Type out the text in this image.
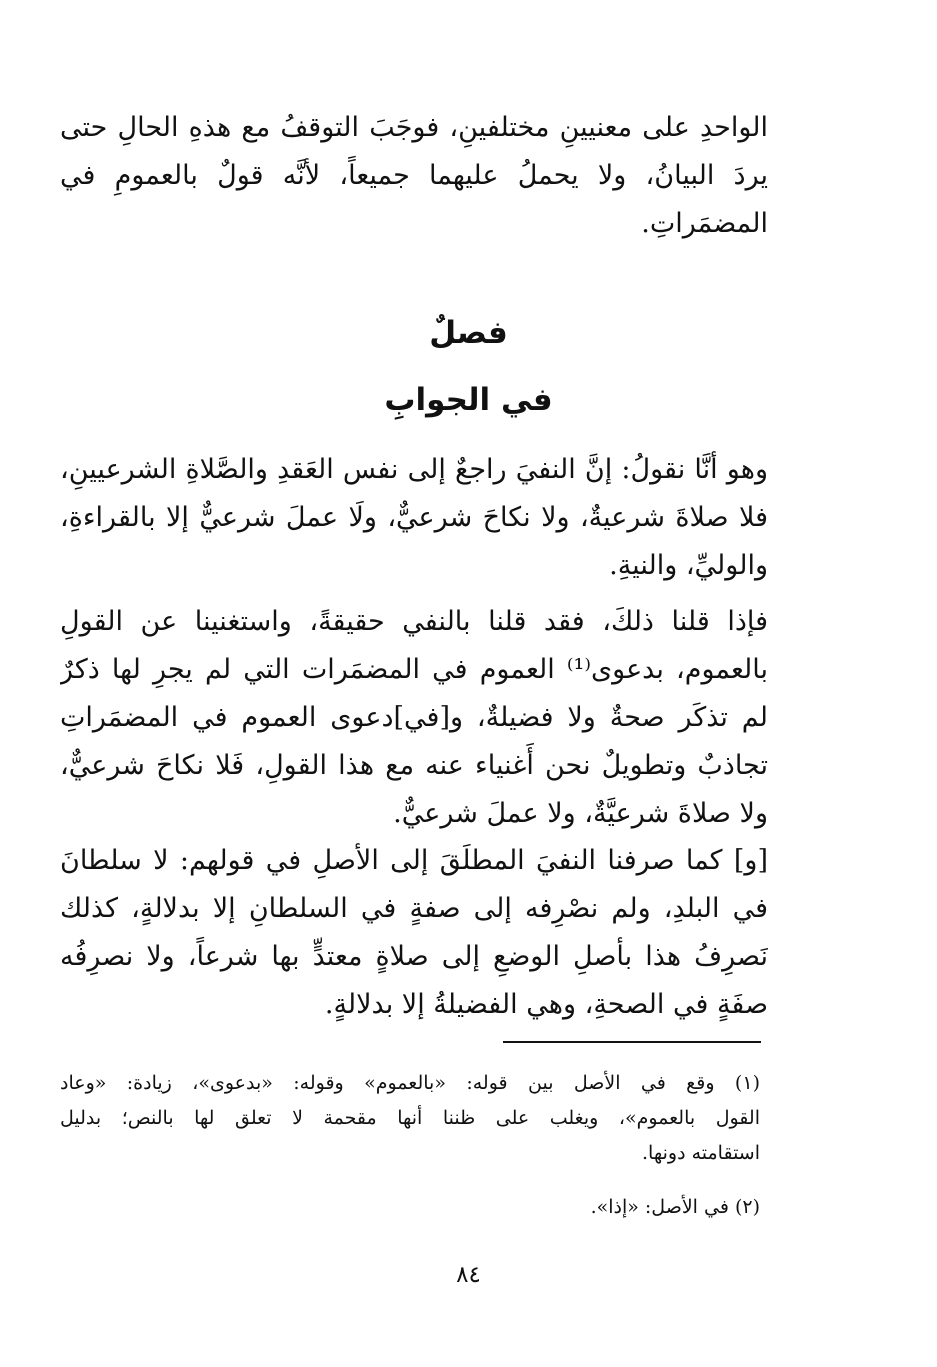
الواحدِ على معنيينِ مختلفينِ، فوجَبَ التوقفُ مع هذهِ الحالِ حتى
يردَ البيانُ، ولا يحملُ عليهما جميعاً، لأنَّه قولٌ بالعمومِ في
المضمَراتِ.
فصلٌ
في الجوابِ
وهو أنَّا نقولُ: إنَّ النفيَ راجعٌ إلى نفس العَقدِ والصَّلاةِ الشرعيينِ،
فلا صلاةَ شرعيةٌ، ولا نكاحَ شرعيٌّ، ولَا عملَ شرعيٌّ إلا بالقراءةِ،
والوليِّ، والنيةِ.
فإذا قلنا ذلكَ، فقد قلنا بالنفي حقيقةً، واستغنينا عن القولِ
بالعموم، بدعوى⁽¹⁾ العموم في المضمَرات التي لم يجرِ لها ذكرٌ
لم تذكَر صحةٌ ولا فضيلةٌ، و[في]دعوى العموم في المضمَراتِ
تجاذبٌ وتطويلٌ نحن أَغنياء عنه مع هذا القولِ، فَلا نكاحَ شرعيٌّ،
ولا صلاةَ شرعيَّةٌ، ولا عملَ شرعيٌّ.
[و] كما صرفنا النفيَ المطلَقَ إلى الأصلِ في قولهم: لا سلطانَ
في البلدِ، ولم نصْرِفه إلى صفةٍ في السلطانِ إلا بدلالةٍ، كذلك
نَصرِفُ هذا بأصلِ الوضعِ إلى صلاةٍ معتدٍّ بها شرعاً، ولا نصرِفُه
صفَةٍ في الصحةِ، وهي الفضيلةُ إلا بدلالةٍ.
(١) وقع في الأصل بين قوله: «بالعموم» وقوله: «بدعوى»، زيادة: «وعاد
القول بالعموم»، ويغلب على ظننا أنها مقحمة لا تعلق لها بالنص؛ بدليل
استقامته دونها.
(٢) في الأصل: «إذا».
٨٤
